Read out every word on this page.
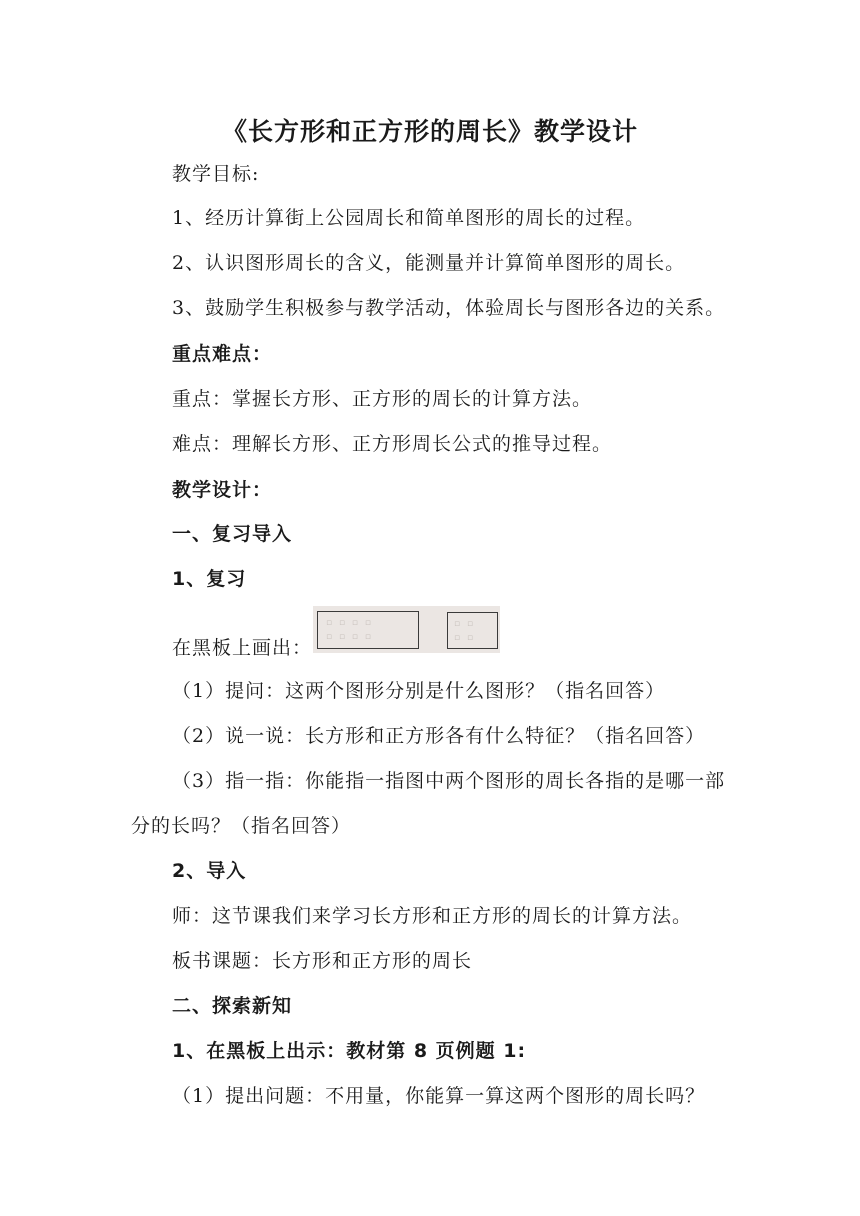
《长方形和正方形的周长》教学设计
教学目标:
1、经历计算街上公园周长和简单图形的周长的过程。
2、认识图形周长的含义，能测量并计算简单图形的周长。
3、鼓励学生积极参与教学活动，体验周长与图形各边的关系。
重点难点：
重点：掌握长方形、正方形的周长的计算方法。
难点：理解长方形、正方形周长公式的推导过程。
教学设计：
一、复习导入
1、复习
在黑板上画出：
▫ ▫ ▫ ▫
▫ ▫ ▫ ▫
▫ ▫
▫ ▫
（1）提问：这两个图形分别是什么图形？（指名回答）
（2）说一说：长方形和正方形各有什么特征？（指名回答）
（3）指一指：你能指一指图中两个图形的周长各指的是哪一部
分的长吗？（指名回答）
2、导入
师：这节课我们来学习长方形和正方形的周长的计算方法。
板书课题：长方形和正方形的周长
二、探索新知
1、在黑板上出示：教材第 8 页例题 1:
（1）提出问题：不用量，你能算一算这两个图形的周长吗？
